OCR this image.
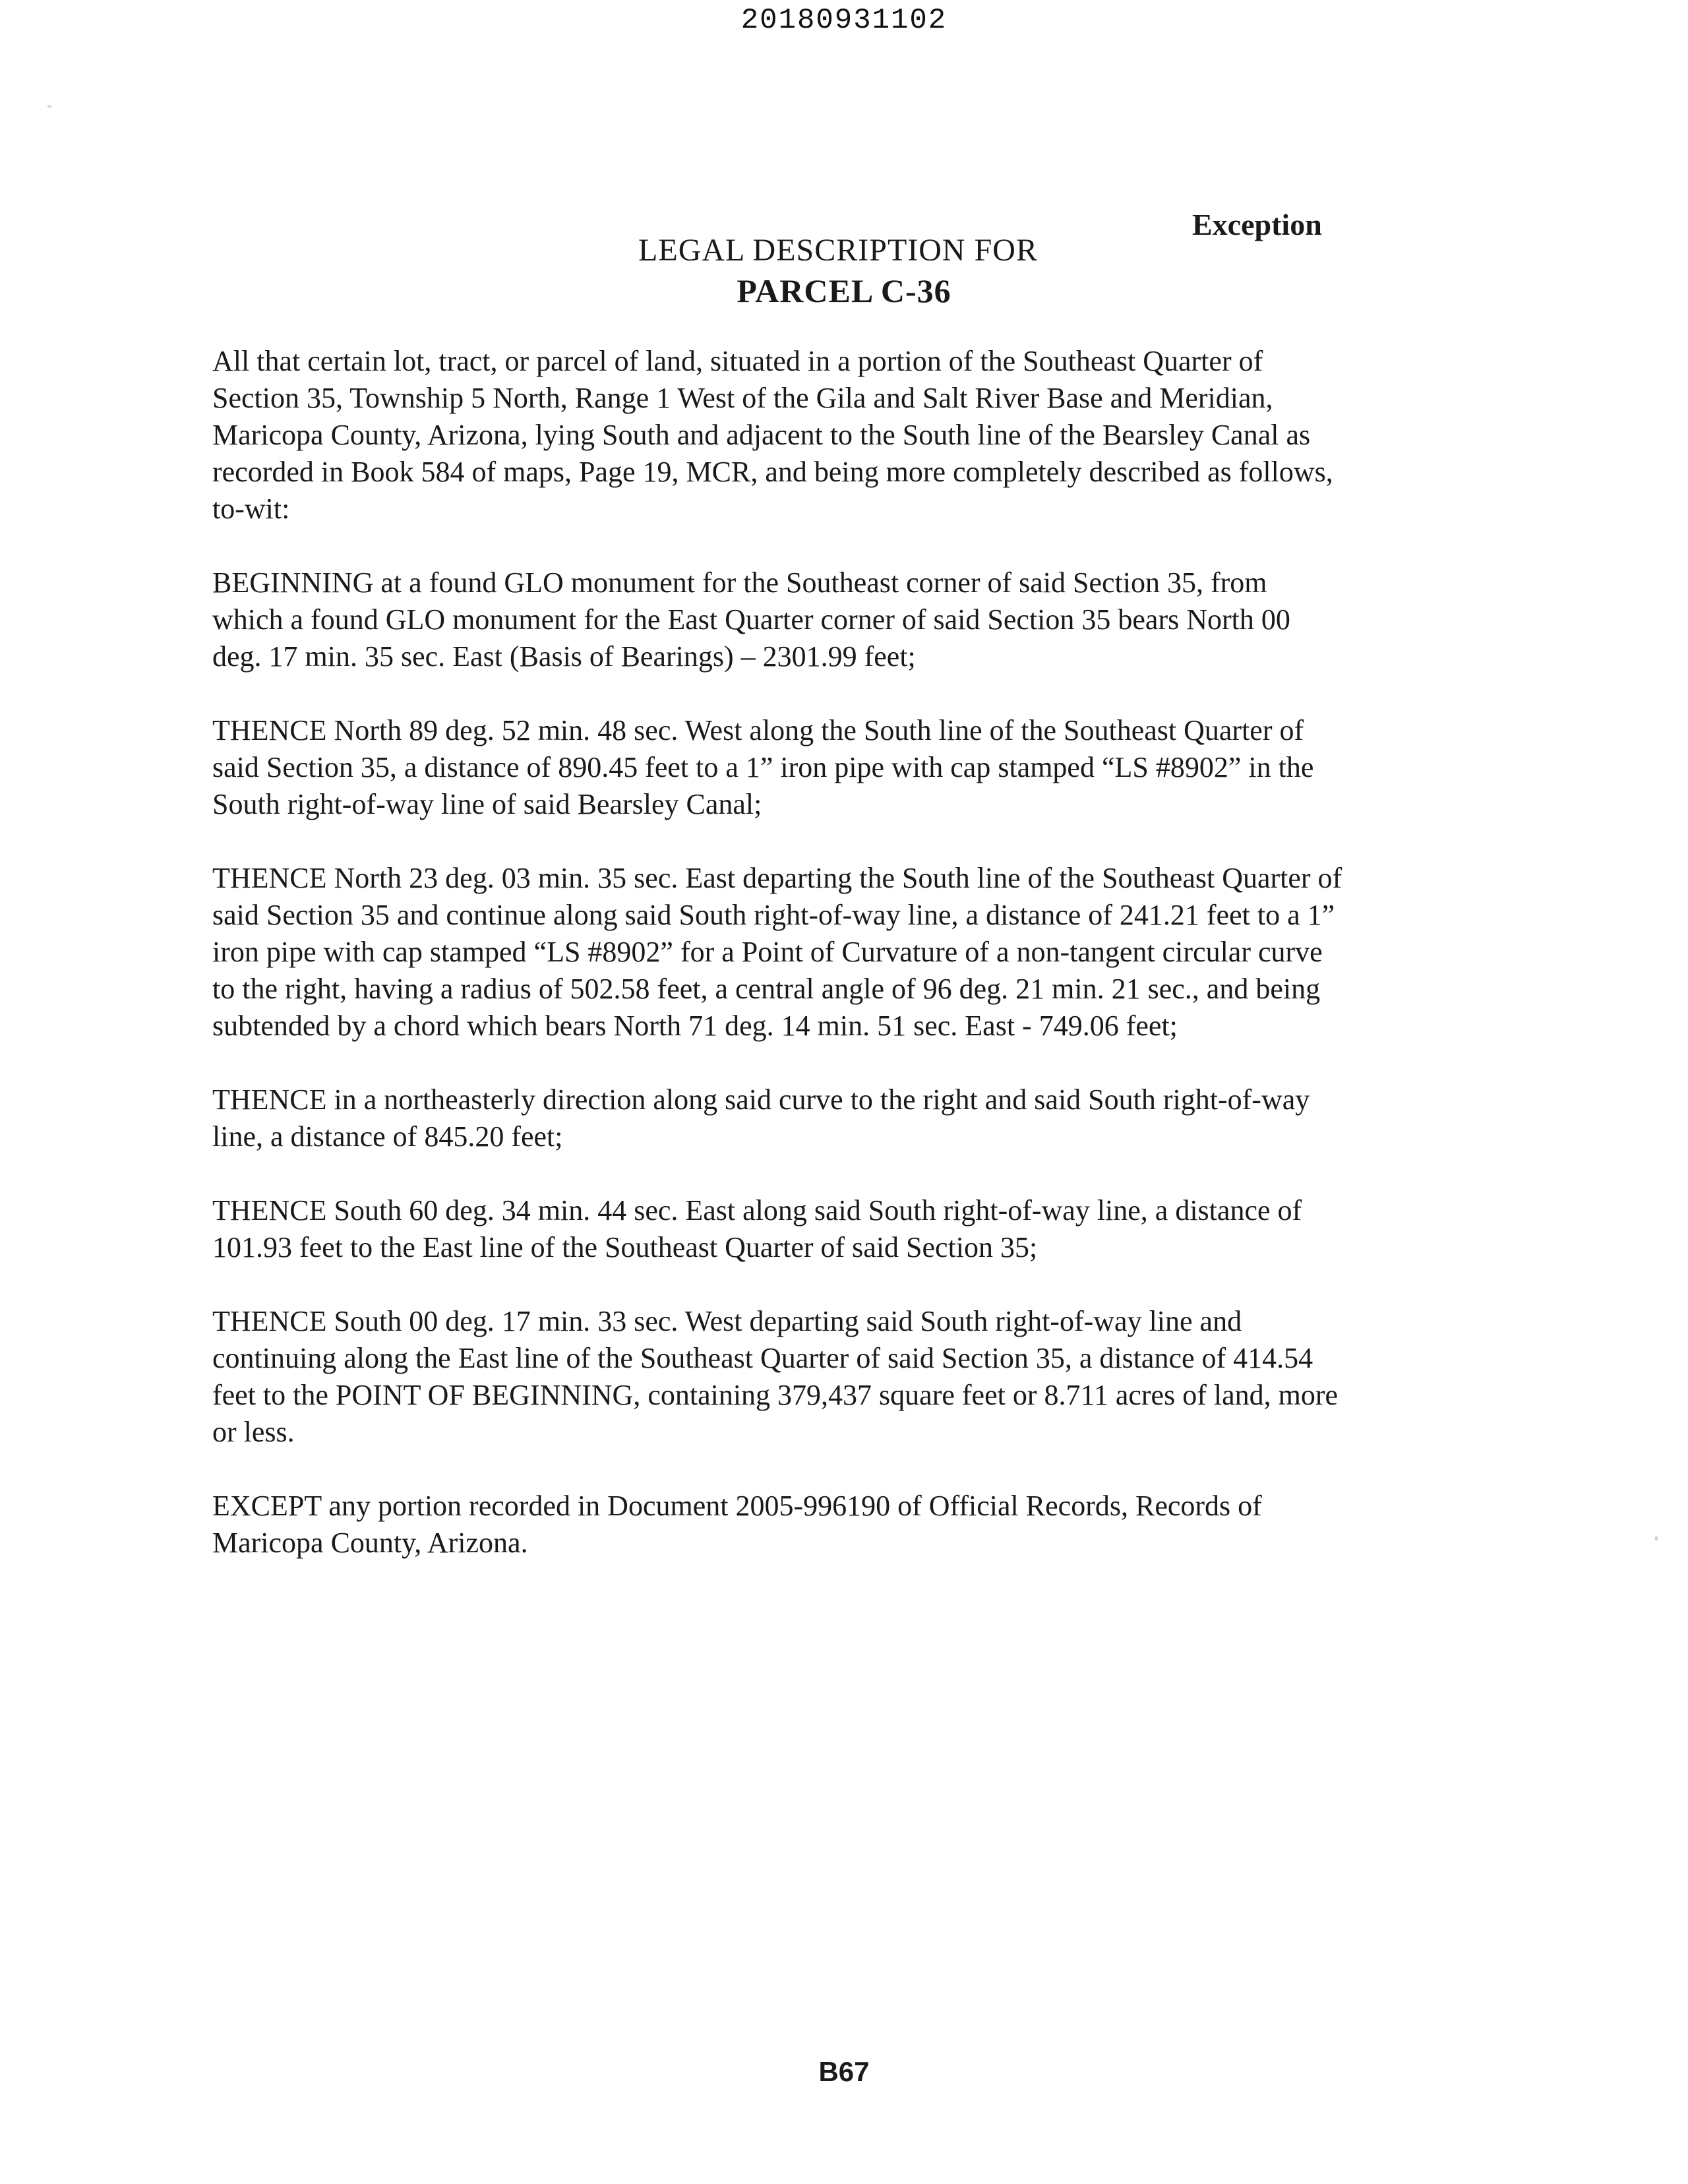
20180931102
Exception
LEGAL DESCRIPTION FOR
PARCEL C-36

All that certain lot, tract, or parcel of land, situated in a portion of the Southeast Quarter of
Section 35, Township 5 North, Range 1 West of the Gila and Salt River Base and Meridian,
Maricopa County, Arizona, lying South and adjacent to the South line of the Bearsley Canal as
recorded in Book 584 of maps, Page 19, MCR, and being more completely described as follows,
to-wit:

BEGINNING at a found GLO monument for the Southeast corner of said Section 35, from
which a found GLO monument for the East Quarter corner of said Section 35 bears North 00
deg. 17 min. 35 sec. East (Basis of Bearings) – 2301.99 feet;

THENCE North 89 deg. 52 min. 48 sec. West along the South line of the Southeast Quarter of
said Section 35, a distance of 890.45 feet to a 1” iron pipe with cap stamped “LS #8902” in the
South right-of-way line of said Bearsley Canal;

THENCE North 23 deg. 03 min. 35 sec. East departing the South line of the Southeast Quarter of
said Section 35 and continue along said South right-of-way line, a distance of 241.21 feet to a 1”
iron pipe with cap stamped “LS #8902” for a Point of Curvature of a non-tangent circular curve
to the right, having a radius of 502.58 feet, a central angle of 96 deg. 21 min. 21 sec., and being
subtended by a chord which bears North 71 deg. 14 min. 51 sec. East - 749.06 feet;

THENCE in a northeasterly direction along said curve to the right and said South right-of-way
line, a distance of 845.20 feet;

THENCE South 60 deg. 34 min. 44 sec. East along said South right-of-way line, a distance of
101.93 feet to the East line of the Southeast Quarter of said Section 35;

THENCE South 00 deg. 17 min. 33 sec. West departing said South right-of-way line and
continuing along the East line of the Southeast Quarter of said Section 35, a distance of 414.54
feet to the POINT OF BEGINNING, containing 379,437 square feet or 8.711 acres of land, more
or less.

EXCEPT any portion recorded in Document 2005-996190 of Official Records, Records of
Maricopa County, Arizona.

B67
